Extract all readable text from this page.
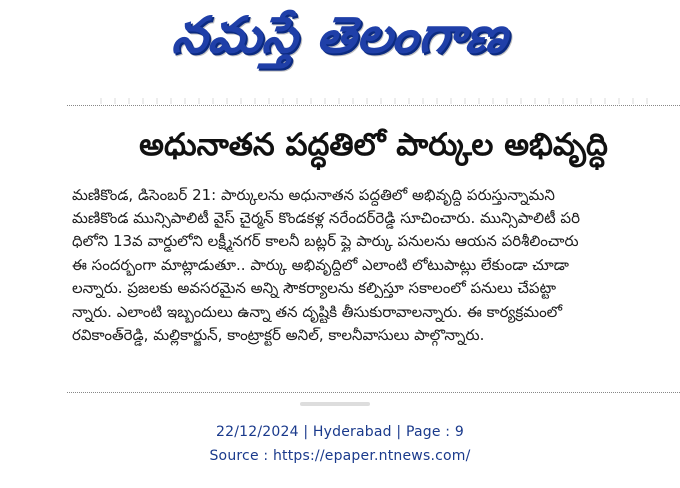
నమస్తే తెలంగాణ
అధునాతన పద్ధతిలో పార్కుల అభివృద్ధి
మణికొండ, డిసెంబర్ 21: పార్కులను అధునాతన పద్ధతిలో అభివృద్ధి పరుస్తున్నామని
మణికొండ మున్సిపాలిటీ వైస్ చైర్మన్ కొండకళ్ల నరేందర్‌రెడ్డి సూచించారు. మున్సిపాలిటీ పరి
ధిలోని 13వ వార్డులోని లక్ష్మీనగర్ కాలనీ బట్లర్ ప్లై పార్కు పనులను ఆయన పరిశీలించారు
ఈ సందర్భంగా మాట్లాడుతూ.. పార్కు అభివృద్ధిలో ఎలాంటి లోటుపాట్లు లేకుండా చూడా
లన్నారు. ప్రజలకు అవసరమైన అన్ని సౌకర్యాలను కల్పిస్తూ సకాలంలో పనులు చేపట్టా
న్నారు. ఎలాంటి ఇబ్బందులు ఉన్నా తన దృష్టికి తీసుకురావాలన్నారు. ఈ కార్యక్రమంలో
రవికాంత్‌రెడ్డి, మల్లికార్జున్, కాంట్రాక్టర్ అనిల్, కాలనీవాసులు పాల్గొన్నారు.
22/12/2024 | Hyderabad | Page : 9
Source : https://epaper.ntnews.com/
